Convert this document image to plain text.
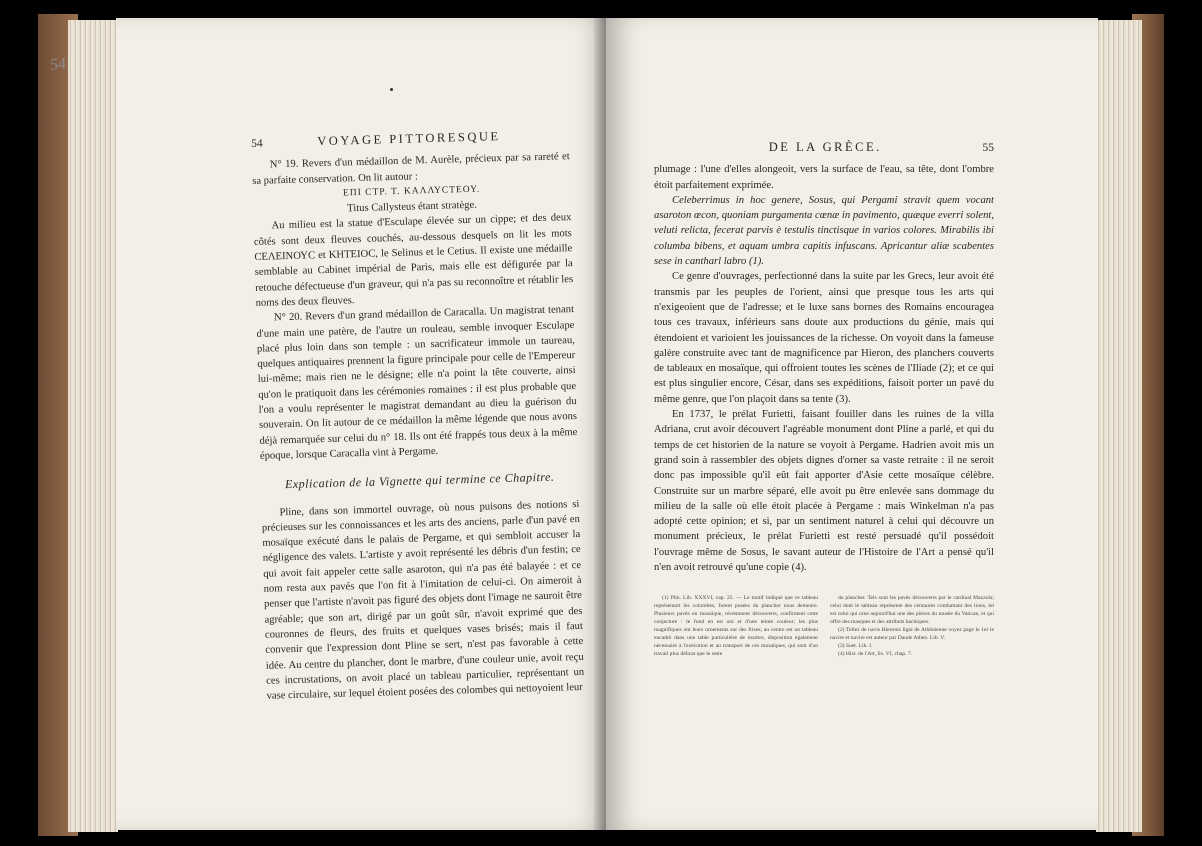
54
54	VOYAGE PITTORESQUE

N° 19. Revers d'un médaillon de M. Aurèle, précieux par sa rareté et sa parfaite conservation. On lit autour :

ΕΠΙ ϹΤΡ. Τ. ΚΑΛΛΥϹΤΕΟΥ.

Titus Callysteus étant stratège.

Au milieu est la statue d'Esculape élevée sur un cippe; et des deux côtés sont deux fleuves couchés, au-dessous desquels on lit les mots ϹΕΛΕΙΝΟΥϹ et ΚΗΤΕΙΟϹ, le Selinus et le Cetius. Il existe une médaille semblable au Cabinet impérial de Paris, mais elle est défigurée par la retouche défectueuse d'un graveur, qui n'a pas su reconnoître et rétablir les noms des deux fleuves.

N° 20. Revers d'un grand médaillon de Caracalla. Un magistrat tenant d'une main une patère, de l'autre un rouleau, semble invoquer Esculape placé plus loin dans son temple : un sacrificateur immole un taureau, quelques antiquaires prennent la figure principale pour celle de l'Empereur lui-même; mais rien ne le désigne; elle n'a point la tête couverte, ainsi qu'on le pratiquoit dans les cérémonies romaines : il est plus probable que l'on a voulu représenter le magistrat demandant au dieu la guérison du souverain. On lit autour de ce médaillon la même légende que nous avons déjà remarquée sur celui du n° 18. Ils ont été frappés tous deux à la même époque, lorsque Caracalla vint à Pergame.

Explication de la Vignette qui termine ce Chapitre.

Pline, dans son immortel ouvrage, où nous puisons des notions si précieuses sur les connoissances et les arts des anciens, parle d'un pavé en mosaïque exécuté dans le palais de Pergame, et qui sembloit accuser la négligence des valets. L'artiste y avoit représenté les débris d'un festin; ce qui avoit fait appeler cette salle asaroton, qui n'a pas été balayée : et ce nom resta aux pavés que l'on fit à l'imitation de celui-ci. On aimeroit à penser que l'artiste n'avoit pas figuré des objets dont l'image ne sauroit être agréable; que son art, dirigé par un goût sûr, n'avoit exprimé que des couronnes de fleurs, des fruits et quelques vases brisés; mais il faut convenir que l'expression dont Pline se sert, n'est pas favorable à cette idée. Au centre du plancher, dont le marbre, d'une couleur unie, avoit reçu ces incrustations, on avoit placé un tableau particulier, représentant un vase circulaire, sur lequel étoient posées des colombes qui nettoyoient leur

DE LA GRÈCE.	55

plumage : l'une d'elles alongeoit, vers la surface de l'eau, sa tête, dont l'ombre étoit parfaitement exprimée.

Celeberrimus in hoc genere, Sosus, qui Pergami stravit quem vocant asaroton œcon, quoniam purgamenta cœnæ in pavimento, quæque everri solent, veluti relicta, fecerat parvis è testulis tinctisque in varios colores. Mirabilis ibi columba bibens, et aquam umbra capitis infuscans. Apricantur aliæ scabentes sese in cantharl labro (1).

Ce genre d'ouvrages, perfectionné dans la suite par les Grecs, leur avoit été transmis par les peuples de l'orient, ainsi que presque tous les arts qui n'exigeoient que de l'adresse; et le luxe sans bornes des Romains encouragea tous ces travaux, inférieurs sans doute aux productions du génie, mais qui étendoient et varioient les jouissances de la richesse. On voyoit dans la fameuse galère construite avec tant de magnificence par Hieron, des planchers couverts de tableaux en mosaïque, qui offroient toutes les scènes de l'Iliade (2); et ce qui est plus singulier encore, César, dans ses expéditions, faisoit porter un pavé du même genre, que l'on plaçoit dans sa tente (3).

En 1737, le prélat Furietti, faisant fouiller dans les ruines de la villa Adriana, crut avoir découvert l'agréable monument dont Pline a parlé, et qui du temps de cet historien de la nature se voyoit à Pergame. Hadrien avoit mis un grand soin à rassembler des objets dignes d'orner sa vaste retraite : il ne seroit donc pas impossible qu'il eût fait apporter d'Asie cette mosaïque célèbre. Construite sur un marbre séparé, elle avoit pu être enlevée sans dommage du milieu de la salle où elle étoit placée à Pergame : mais Winkelman n'a pas adopté cette opinion; et si, par un sentiment naturel à celui qui découvre un monument précieux, le prélat Furietti est resté persuadé qu'il possédoit l'ouvrage même de Sosus, le savant auteur de l'Histoire de l'Art a pensé qu'il n'en avoit retrouvé qu'une copie (4).

(1) Plin. Lib. XXXVI, cap. 25. — Le motif indiqué que ce tableau représentoit les colombes, furent posées du plancher nous demeure. Plusieurs pavés en mosaïque, récemment découverts, confirment cette conjecture : le fond en est uni et d'une teinte couleur; les plus magnifiques ont leurs ornements sur des frises; au centre est un tableau encadré dans une table particulière de marbre, disposition également nécessaire à l'exécution et au transport de ces mosaïques, qui sont d'un travail plus délicat que le reste

du plancher. Tels sont les pavés découverts par le cardinal Mazzola; celui dont le tableau représente des centaures combattant des lions, tel est celui qui orne aujourd'hui une des pièces du musée du Vatican, et qui offre des masques et des attributs bachiques.

(2) Tellez de navis Hieronis ligni de Athénienne voyez page le 1er le navire et navire est auteur par Daude Athen. Lib. V.

(3) Suet. Lib. I.

(4) Hist. de l'Art, liv. VI, chap. 7.
